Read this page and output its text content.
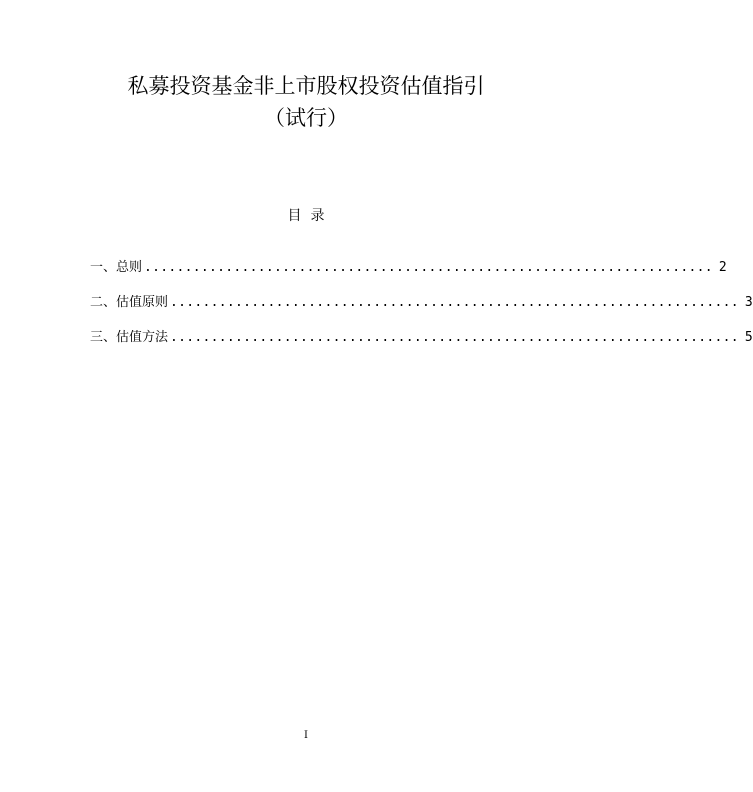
私募投资基金非上市股权投资估值指引
（试行）
目  录
一、 总则 ...................................................................... 2
二、 估值原则 ...................................................................... 3
三、 估值方法 ...................................................................... 5
I
